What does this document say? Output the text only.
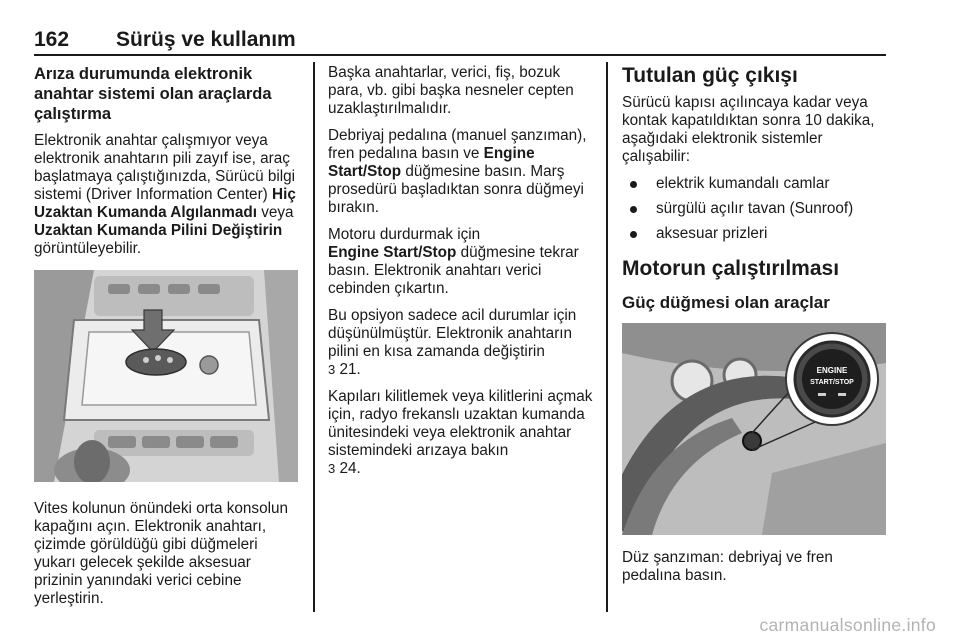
162 Sürüş ve kullanım
Arıza durumunda elektronik anahtar sistemi olan araçlarda çalıştırma

Elektronik anahtar çalışmıyor veya elektronik anahtarın pili zayıf ise, araç başlatmaya çalıştığınızda, Sürücü bilgi sistemi (Driver Information Center) Hiç Uzaktan Kumanda Algılanmadı veya Uzaktan Kumanda Pilini Değiştirin görüntüleyebilir.

Vites kolunun önündeki orta konsolun kapağını açın. Elektronik anahtarı, çizimde görüldüğü gibi düğmeleri yukarı gelecek şekilde aksesuar prizinin yanındaki verici cebine yerleştirin.

Başka anahtarlar, verici, fiş, bozuk para, vb. gibi başka nesneler cepten uzaklaştırılmalıdır.

Debriyaj pedalına (manuel şanzıman), fren pedalına basın ve Engine Start/Stop düğmesine basın. Marş prosedürü başladıktan sonra düğmeyi bırakın.

Motoru durdurmak için
Engine Start/Stop düğmesine tekrar basın. Elektronik anahtarı verici cebinden çıkartın.

Bu opsiyon sadece acil durumlar için düşünülmüştür. Elektronik anahtarın pilini en kısa zamanda değiştirin
3 21.

Kapıları kilitlemek veya kilitlerini açmak için, radyo frekanslı uzaktan kumanda ünitesindeki veya elektronik anahtar sistemindeki arızaya bakın
3 24.

Tutulan güç çıkışı

Sürücü kapısı açılıncaya kadar veya kontak kapatıldıktan sonra 10 dakika, aşağıdaki elektronik sistemler çalışabilir:

elektrik kumandalı camlar
sürgülü açılır tavan (Sunroof)
aksesuar prizleri
Motorun çalıştırılması
Güç düğmesi olan araçlar
ENGINE
START/STOP

Düz şanzıman: debriyaj ve fren pedalına basın.

carmanualsonline.info
